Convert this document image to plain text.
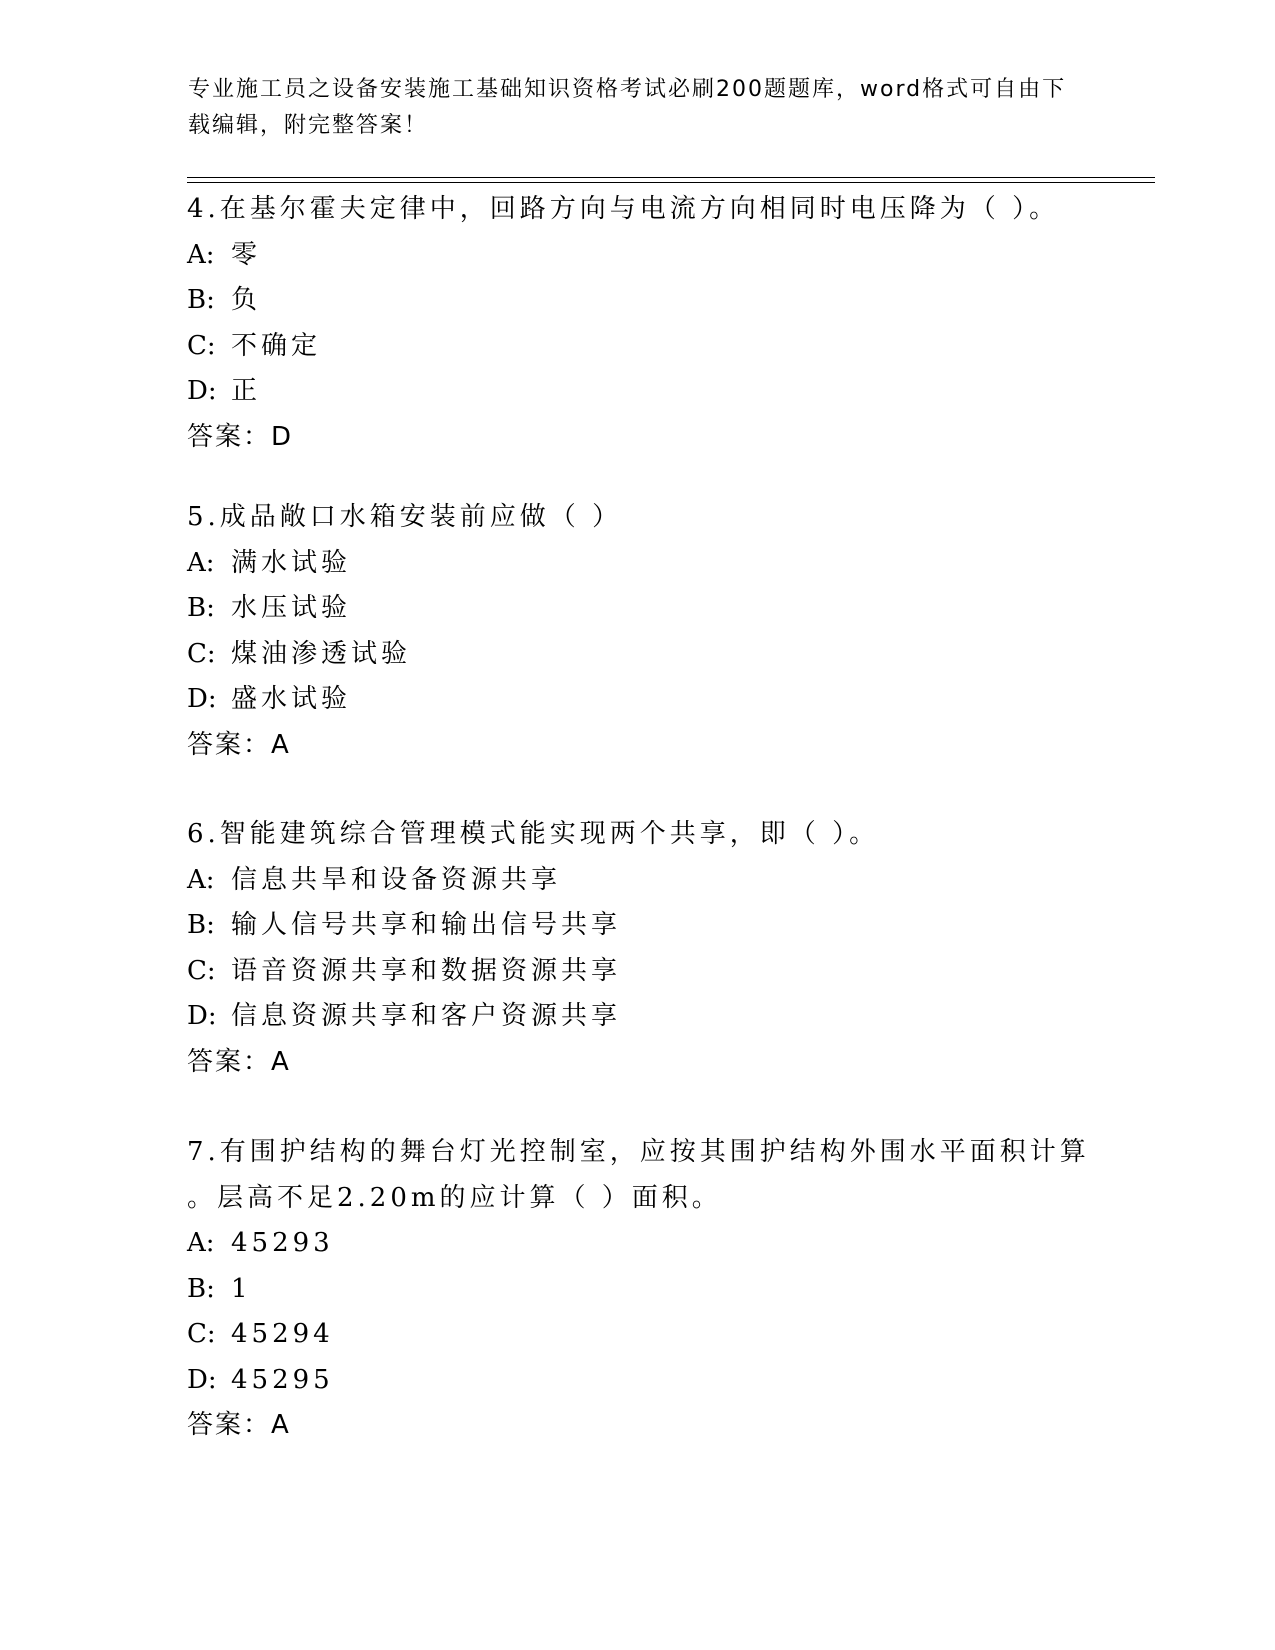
专业施工员之设备安装施工基础知识资格考试必刷200题题库，word格式可自由下载编辑，附完整答案！
4.在基尔霍夫定律中，回路方向与电流方向相同时电压降为（ ）。
A: 零
B: 负
C: 不确定
D: 正
答案：D
5.成品敞口水箱安装前应做（ ）
A: 满水试验
B: 水压试验
C: 煤油渗透试验
D: 盛水试验
答案：A
6.智能建筑综合管理模式能实现两个共享，即（ ）。
A: 信息共旱和设备资源共享
B: 输人信号共享和输出信号共享
C: 语音资源共享和数据资源共享
D: 信息资源共享和客户资源共享
答案：A
7.有围护结构的舞台灯光控制室，应按其围护结构外围水平面积计算
。层高不足2.20m的应计算（ ）面积。
A: 45293
B: 1
C: 45294
D: 45295
答案：A
